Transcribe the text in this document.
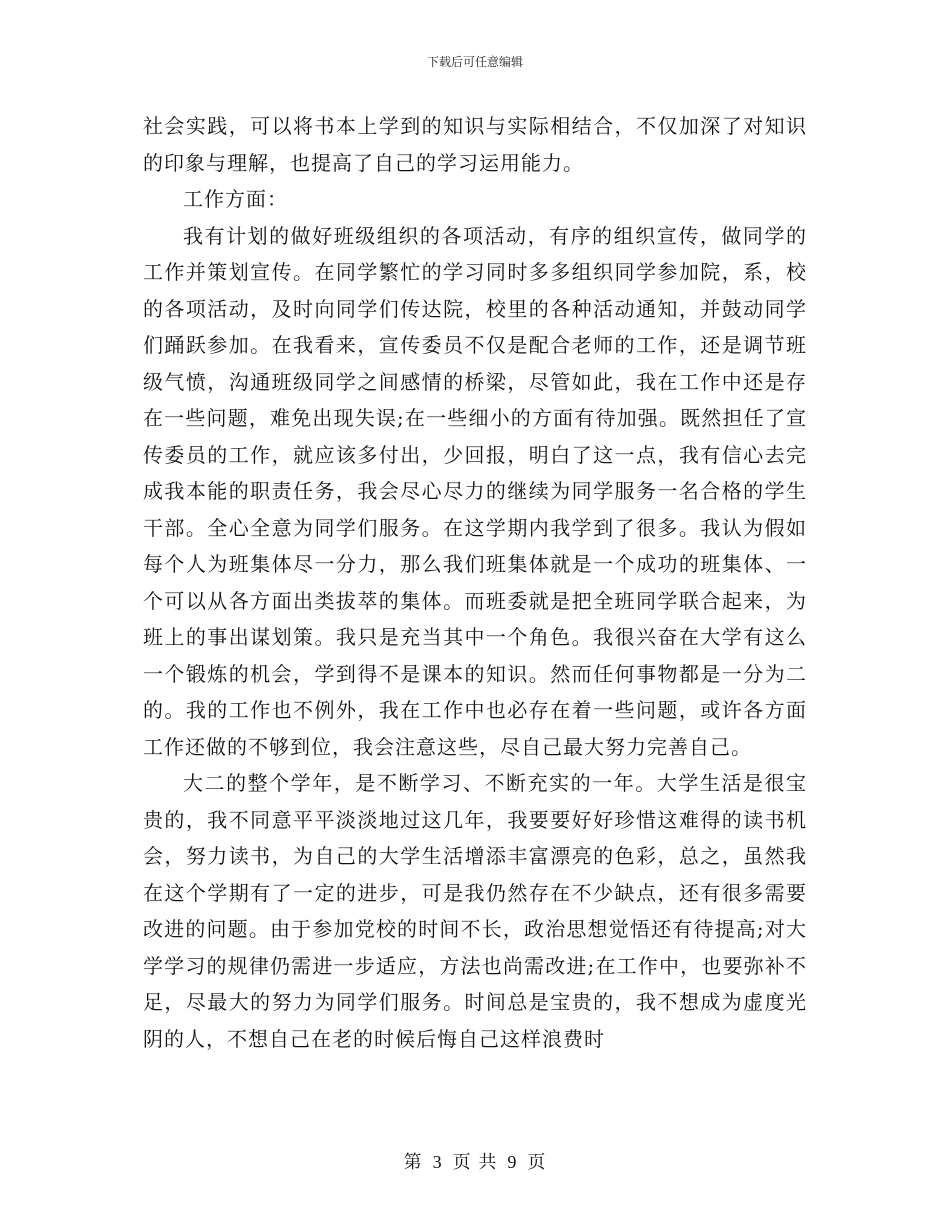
下载后可任意编辑

社会实践，可以将书本上学到的知识与实际相结合，不仅加深了对知识的印象与理解，也提高了自己的学习运用能力。

工作方面：

我有计划的做好班级组织的各项活动，有序的组织宣传，做同学的工作并策划宣传。在同学繁忙的学习同时多多组织同学参加院，系，校的各项活动，及时向同学们传达院，校里的各种活动通知，并鼓动同学们踊跃参加。在我看来，宣传委员不仅是配合老师的工作，还是调节班级气愤，沟通班级同学之间感情的桥梁，尽管如此，我在工作中还是存在一些问题，难免出现失误;在一些细小的方面有待加强。既然担任了宣传委员的工作，就应该多付出，少回报，明白了这一点，我有信心去完成我本能的职责任务，我会尽心尽力的继续为同学服务一名合格的学生干部。全心全意为同学们服务。在这学期内我学到了很多。我认为假如每个人为班集体尽一分力，那么我们班集体就是一个成功的班集体、一个可以从各方面出类拔萃的集体。而班委就是把全班同学联合起来，为班上的事出谋划策。我只是充当其中一个角色。我很兴奋在大学有这么一个锻炼的机会，学到得不是课本的知识。然而任何事物都是一分为二的。我的工作也不例外，我在工作中也必存在着一些问题，或许各方面工作还做的不够到位，我会注意这些，尽自己最大努力完善自己。

大二的整个学年，是不断学习、不断充实的一年。大学生活是很宝贵的，我不同意平平淡淡地过这几年，我要要好好珍惜这难得的读书机会，努力读书，为自己的大学生活增添丰富漂亮的色彩，总之，虽然我在这个学期有了一定的进步，可是我仍然存在不少缺点，还有很多需要改进的问题。由于参加党校的时间不长，政治思想觉悟还有待提高;对大学学习的规律仍需进一步适应，方法也尚需改进;在工作中，也要弥补不足，尽最大的努力为同学们服务。时间总是宝贵的，我不想成为虚度光阴的人，不想自己在老的时候后悔自己这样浪费时

第 3 页 共 9 页
